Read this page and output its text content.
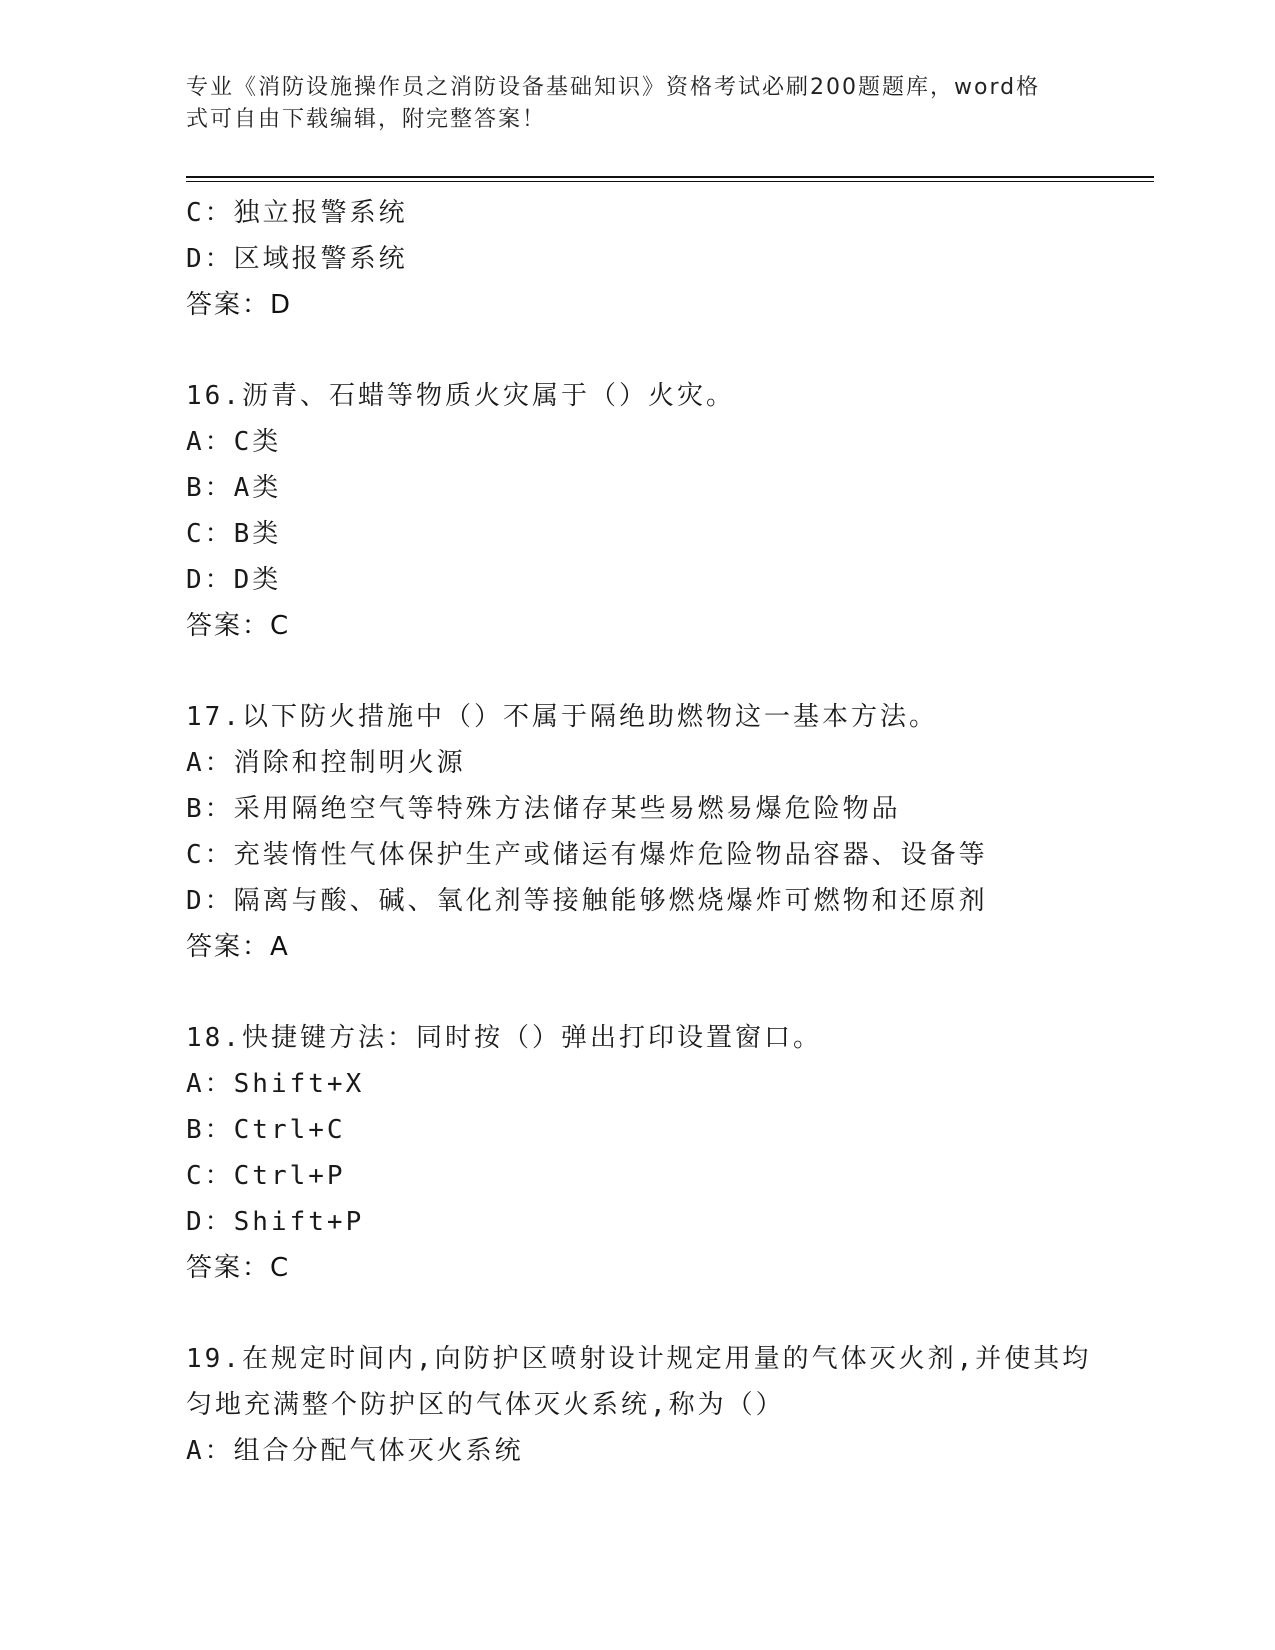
专业《消防设施操作员之消防设备基础知识》资格考试必刷200题题库，word格
式可自由下载编辑，附完整答案！
C：独立报警系统
D：区域报警系统
答案：D
16.沥青、石蜡等物质火灾属于（）火灾。
A：C类
B：A类
C：B类
D：D类
答案：C
17.以下防火措施中（）不属于隔绝助燃物这一基本方法。
A：消除和控制明火源
B：采用隔绝空气等特殊方法储存某些易燃易爆危险物品
C：充装惰性气体保护生产或储运有爆炸危险物品容器、设备等
D：隔离与酸、碱、氧化剂等接触能够燃烧爆炸可燃物和还原剂
答案：A
18.快捷键方法：同时按（）弹出打印设置窗口。
A：Shift+X
B：Ctrl+C
C：Ctrl+P
D：Shift+P
答案：C
19.在规定时间内,向防护区喷射设计规定用量的气体灭火剂,并使其均
匀地充满整个防护区的气体灭火系统,称为（）
A：组合分配气体灭火系统
